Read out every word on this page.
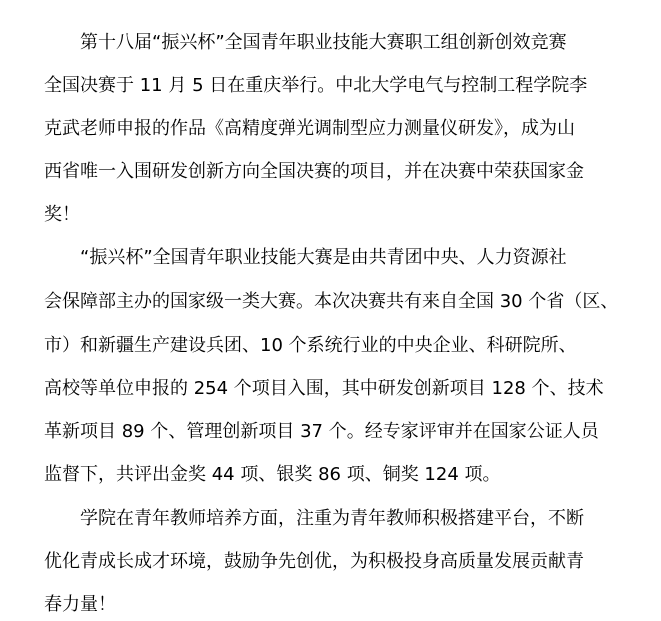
第十八届“振兴杯”全国青年职业技能大赛职工组创新创效竞赛
全国决赛于 11 月 5 日在重庆举行。中北大学电气与控制工程学院李
克武老师申报的作品《高精度弹光调制型应力测量仪研发》，成为山
西省唯一入围研发创新方向全国决赛的项目，并在决赛中荣获国家金
奖！
“振兴杯”全国青年职业技能大赛是由共青团中央、人力资源社
会保障部主办的国家级一类大赛。本次决赛共有来自全国 30 个省（区、
市）和新疆生产建设兵团、10 个系统行业的中央企业、科研院所、
高校等单位申报的 254 个项目入围，其中研发创新项目 128 个、技术
革新项目 89 个、管理创新项目 37 个。经专家评审并在国家公证人员
监督下，共评出金奖 44 项、银奖 86 项、铜奖 124 项。
学院在青年教师培养方面，注重为青年教师积极搭建平台，不断
优化青成长成才环境，鼓励争先创优，为积极投身高质量发展贡献青
春力量！
